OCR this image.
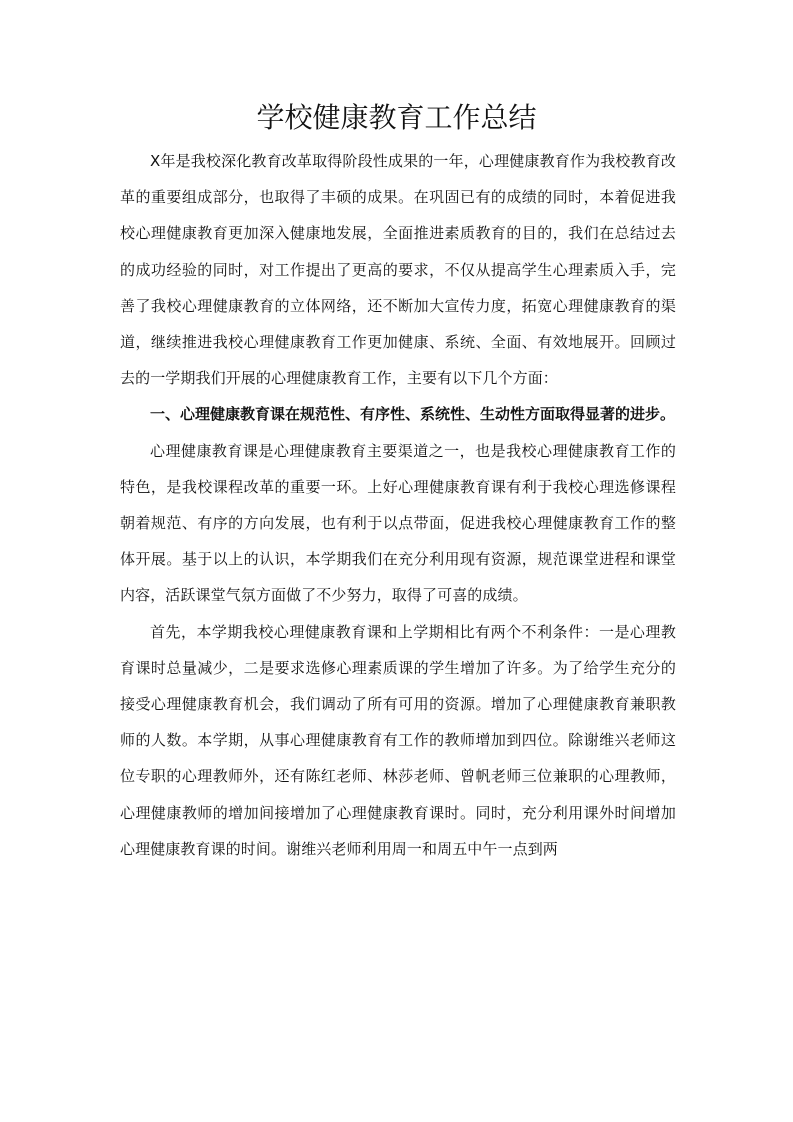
学校健康教育工作总结

X年是我校深化教育改革取得阶段性成果的一年，心理健康教育作为我校教育改革的重要组成部分，也取得了丰硕的成果。在巩固已有的成绩的同时，本着促进我校心理健康教育更加深入健康地发展，全面推进素质教育的目的，我们在总结过去的成功经验的同时，对工作提出了更高的要求，不仅从提高学生心理素质入手，完善了我校心理健康教育的立体网络，还不断加大宣传力度，拓宽心理健康教育的渠道，继续推进我校心理健康教育工作更加健康、系统、全面、有效地展开。回顾过去的一学期我们开展的心理健康教育工作，主要有以下几个方面：

一、心理健康教育课在规范性、有序性、系统性、生动性方面取得显著的进步。

心理健康教育课是心理健康教育主要渠道之一，也是我校心理健康教育工作的特色，是我校课程改革的重要一环。上好心理健康教育课有利于我校心理选修课程朝着规范、有序的方向发展，也有利于以点带面，促进我校心理健康教育工作的整体开展。基于以上的认识，本学期我们在充分利用现有资源，规范课堂进程和课堂内容，活跃课堂气氛方面做了不少努力，取得了可喜的成绩。

首先，本学期我校心理健康教育课和上学期相比有两个不利条件：一是心理教育课时总量减少，二是要求选修心理素质课的学生增加了许多。为了给学生充分的接受心理健康教育机会，我们调动了所有可用的资源。增加了心理健康教育兼职教师的人数。本学期，从事心理健康教育有工作的教师增加到四位。除谢维兴老师这位专职的心理教师外，还有陈红老师、林莎老师、曾帆老师三位兼职的心理教师，心理健康教师的增加间接增加了心理健康教育课时。同时，充分利用课外时间增加心理健康教育课的时间。谢维兴老师利用周一和周五中午一点到两
